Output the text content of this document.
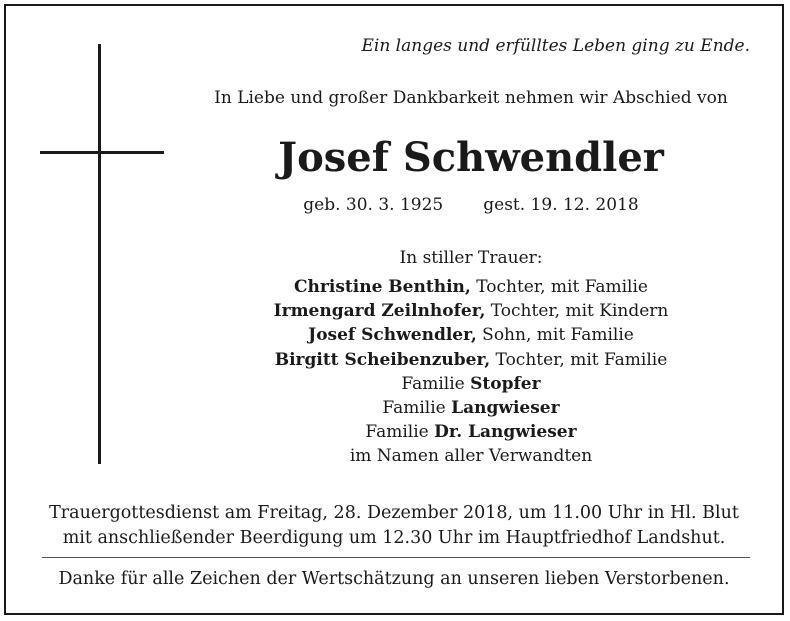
Ein langes und erfülltes Leben ging zu Ende.

In Liebe und großer Dankbarkeit nehmen wir Abschied von

Josef Schwendler

geb. 30. 3. 1925 gest. 19. 12. 2018

In stiller Trauer:

Christine Benthin, Tochter, mit Familie
Irmengard Zeilnhofer, Tochter, mit Kindern
Josef Schwendler, Sohn, mit Familie
Birgitt Scheibenzuber, Tochter, mit Familie
Familie Stopfer
Familie Langwieser
Familie Dr. Langwieser
im Namen aller Verwandten

Trauergottesdienst am Freitag, 28. Dezember 2018, um 11.00 Uhr in Hl. Blut
mit anschließender Beerdigung um 12.30 Uhr im Hauptfriedhof Landshut.

Danke für alle Zeichen der Wertschätzung an unseren lieben Verstorbenen.
